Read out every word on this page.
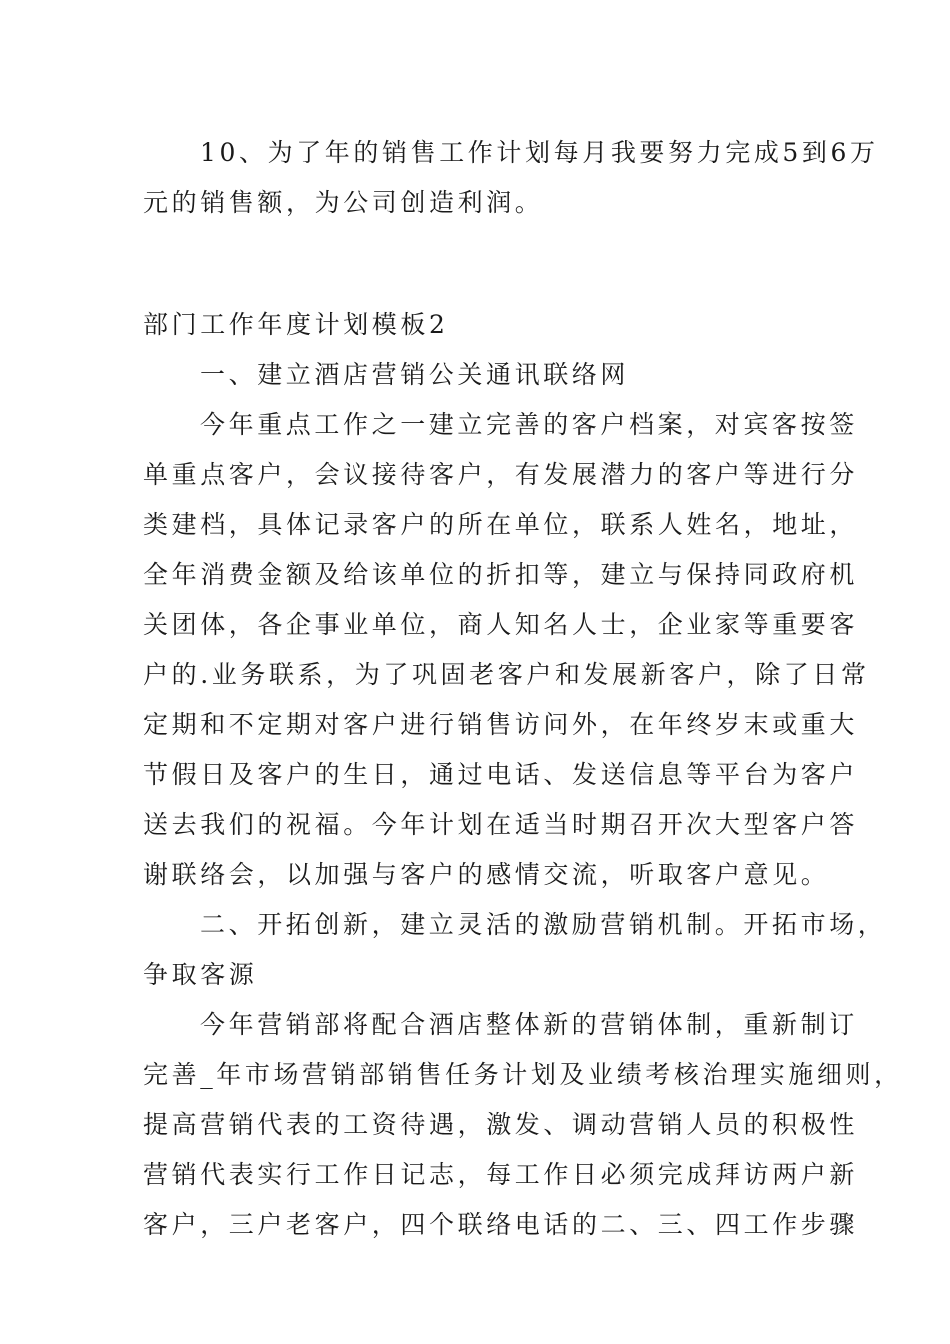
10、为了年的销售工作计划每月我要努力完成5到6万
元的销售额，为公司创造利润。
部门工作年度计划模板2
一、建立酒店营销公关通讯联络网
今年重点工作之一建立完善的客户档案，对宾客按签
单重点客户，会议接待客户，有发展潜力的客户等进行分
类建档，具体记录客户的所在单位，联系人姓名，地址，
全年消费金额及给该单位的折扣等，建立与保持同政府机
关团体，各企事业单位，商人知名人士，企业家等重要客
户的.业务联系，为了巩固老客户和发展新客户，除了日常
定期和不定期对客户进行销售访问外，在年终岁末或重大
节假日及客户的生日，通过电话、发送信息等平台为客户
送去我们的祝福。今年计划在适当时期召开次大型客户答
谢联络会，以加强与客户的感情交流，听取客户意见。
二、开拓创新，建立灵活的激励营销机制。开拓市场，
争取客源
今年营销部将配合酒店整体新的营销体制，重新制订
完善_年市场营销部销售任务计划及业绩考核治理实施细则，
提高营销代表的工资待遇，激发、调动营销人员的积极性
营销代表实行工作日记志，每工作日必须完成拜访两户新
客户，三户老客户，四个联络电话的二、三、四工作步骤
